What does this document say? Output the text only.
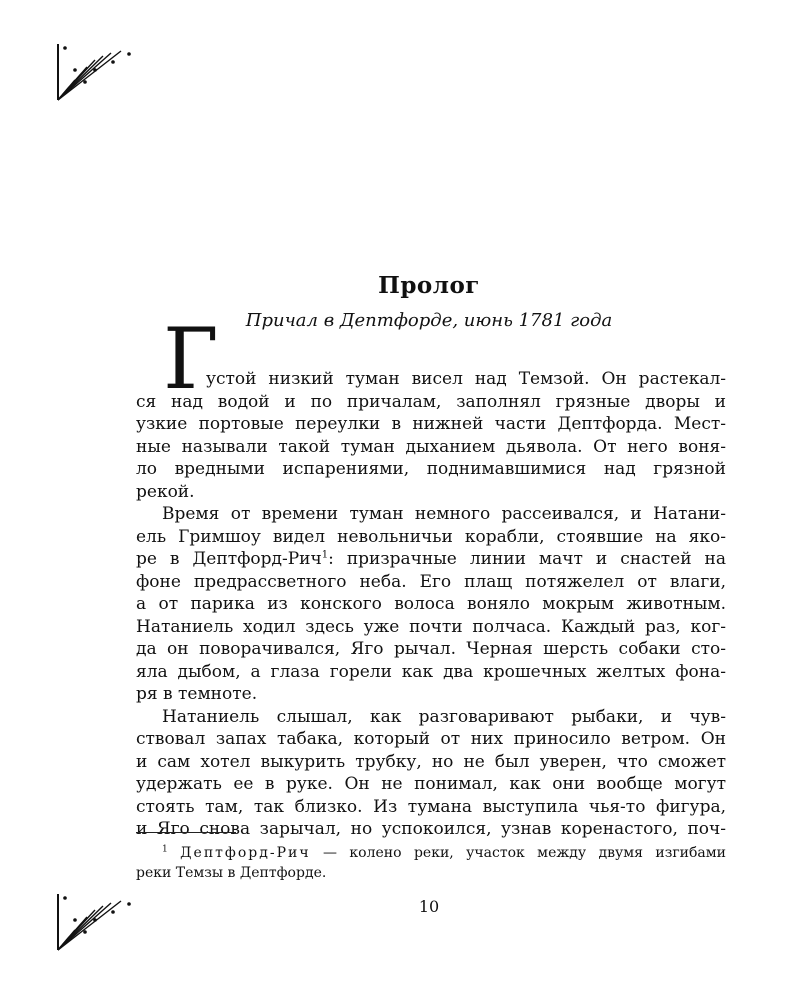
Пролог
Причал в Дептфорде, июнь 1781 года
Г
устой низкий туман висел над Темзой. Он растекал-
ся над водой и по причалам, заполнял грязные дворы и
узкие портовые переулки в нижней части Дептфорда. Мест-
ные называли такой туман дыханием дьявола. От него воня-
ло вредными испарениями, поднимавшимися над грязной
рекой.
Время от времени туман немного рассеивался, и Натани-
ель Гримшоу видел невольничьи корабли, стоявшие на яко-
ре в Дептфорд-Рич$^1$: призрачные линии мачт и снастей на
фоне предрассветного неба. Его плащ потяжелел от влаги,
а от парика из конского волоса воняло мокрым животным.
Натаниель ходил здесь уже почти полчаса. Каждый раз, ког-
да он поворачивался, Яго рычал. Черная шерсть собаки сто-
яла дыбом, а глаза горели как два крошечных желтых фона-
ря в темноте.
Натаниель слышал, как разговаривают рыбаки, и чув-
ствовал запах табака, который от них приносило ветром. Он
и сам хотел выкурить трубку, но не был уверен, что сможет
удержать ее в руке. Он не понимал, как они вообще могут
стоять там, так близко. Из тумана выступила чья-то фигура,
и Яго снова зарычал, но успокоился, узнав коренастого, поч-
$^1$ Дептфорд-Рич — колено реки, участок между двумя изгибами
реки Темзы в Дептфорде.
10
